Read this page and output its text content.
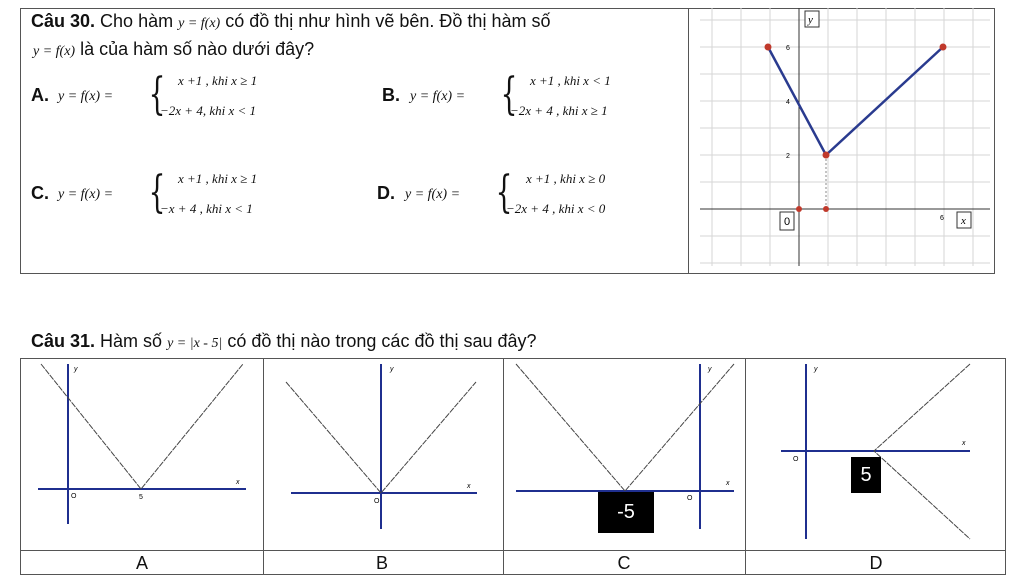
Câu 30. Cho hàm y = f(x) có đồ thị như hình vẽ bên. Đồ thị hàm số
y = f(x) là của hàm số nào dưới đây?
A. y = f(x) = { x +1 , khi x ≥ 1
−2x + 4, khi x < 1
B. y = f(x) = { x +1 , khi x < 1
−2x + 4 , khi x ≥ 1
C. y = f(x) = { x +1 , khi x ≥ 1
−x + 4 , khi x < 1
D. y = f(x) = { x +1 , khi x ≥ 0
−2x + 4 , khi x < 0
y
x
0
6
4
2
6
Câu 31. Hàm số y = |x - 5| có đồ thị nào trong các đồ thị sau đây?
y
x
O	5
y
x
O
y
x
O
-5
y
x
O
5
A	B	C	D
